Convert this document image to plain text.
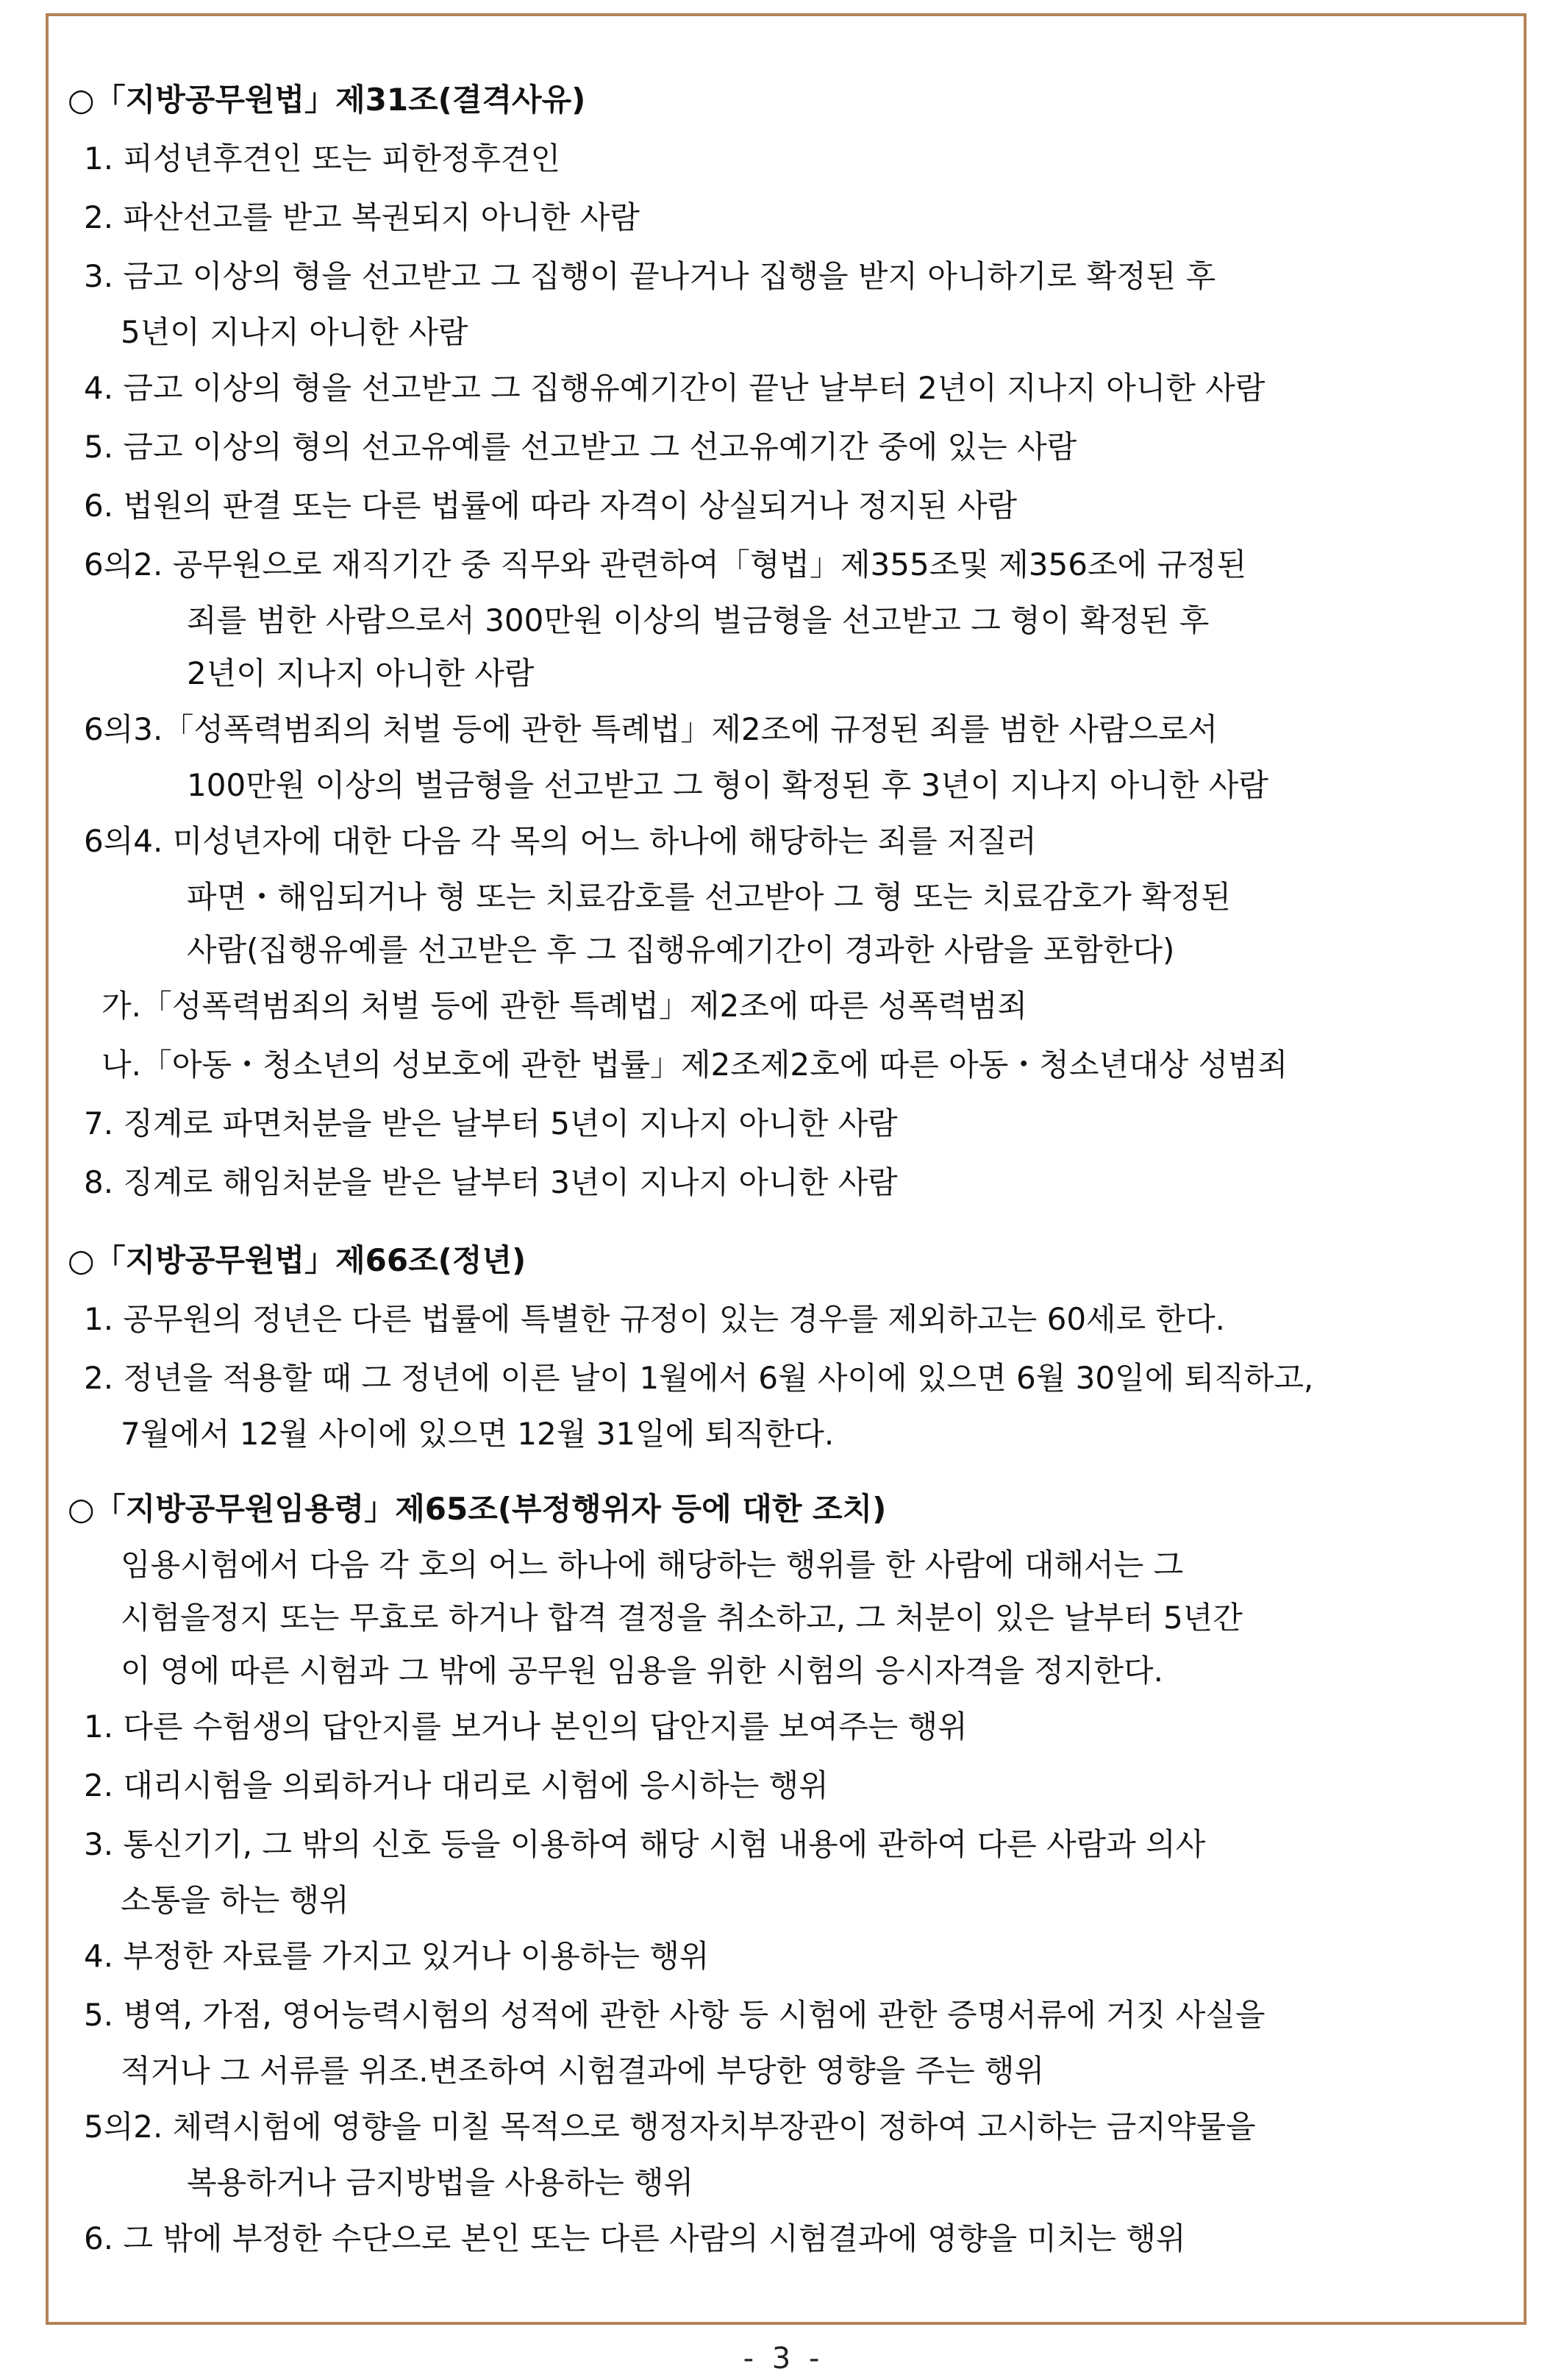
○「지방공무원법」제31조(결격사유)
1. 피성년후견인 또는 피한정후견인
2. 파산선고를 받고 복권되지 아니한 사람
3. 금고 이상의 형을 선고받고 그 집행이 끝나거나 집행을 받지 아니하기로 확정된 후
5년이 지나지 아니한 사람
4. 금고 이상의 형을 선고받고 그 집행유예기간이 끝난 날부터 2년이 지나지 아니한 사람
5. 금고 이상의 형의 선고유예를 선고받고 그 선고유예기간 중에 있는 사람
6. 법원의 판결 또는 다른 법률에 따라 자격이 상실되거나 정지된 사람
6의2. 공무원으로 재직기간 중 직무와 관련하여「형법」제355조및 제356조에 규정된
죄를 범한 사람으로서 300만원 이상의 벌금형을 선고받고 그 형이 확정된 후
2년이 지나지 아니한 사람
6의3.「성폭력범죄의 처벌 등에 관한 특례법」제2조에 규정된 죄를 범한 사람으로서
100만원 이상의 벌금형을 선고받고 그 형이 확정된 후 3년이 지나지 아니한 사람
6의4. 미성년자에 대한 다음 각 목의 어느 하나에 해당하는 죄를 저질러
파면・해임되거나 형 또는 치료감호를 선고받아 그 형 또는 치료감호가 확정된
사람(집행유예를 선고받은 후 그 집행유예기간이 경과한 사람을 포함한다)
가.「성폭력범죄의 처벌 등에 관한 특례법」제2조에 따른 성폭력범죄
나.「아동・청소년의 성보호에 관한 법률」제2조제2호에 따른 아동・청소년대상 성범죄
7. 징계로 파면처분을 받은 날부터 5년이 지나지 아니한 사람
8. 징계로 해임처분을 받은 날부터 3년이 지나지 아니한 사람
○「지방공무원법」제66조(정년)
1. 공무원의 정년은 다른 법률에 특별한 규정이 있는 경우를 제외하고는 60세로 한다.
2. 정년을 적용할 때 그 정년에 이른 날이 1월에서 6월 사이에 있으면 6월 30일에 퇴직하고,
7월에서 12월 사이에 있으면 12월 31일에 퇴직한다.
○「지방공무원임용령」제65조(부정행위자 등에 대한 조치)
임용시험에서 다음 각 호의 어느 하나에 해당하는 행위를 한 사람에 대해서는 그
시험을정지 또는 무효로 하거나 합격 결정을 취소하고, 그 처분이 있은 날부터 5년간
이 영에 따른 시험과 그 밖에 공무원 임용을 위한 시험의 응시자격을 정지한다.
1. 다른 수험생의 답안지를 보거나 본인의 답안지를 보여주는 행위
2. 대리시험을 의뢰하거나 대리로 시험에 응시하는 행위
3. 통신기기, 그 밖의 신호 등을 이용하여 해당 시험 내용에 관하여 다른 사람과 의사
소통을 하는 행위
4. 부정한 자료를 가지고 있거나 이용하는 행위
5. 병역, 가점, 영어능력시험의 성적에 관한 사항 등 시험에 관한 증명서류에 거짓 사실을
적거나 그 서류를 위조.변조하여 시험결과에 부당한 영향을 주는 행위
5의2. 체력시험에 영향을 미칠 목적으로 행정자치부장관이 정하여 고시하는 금지약물을
복용하거나 금지방법을 사용하는 행위
6. 그 밖에 부정한 수단으로 본인 또는 다른 사람의 시험결과에 영향을 미치는 행위
- 3 -
